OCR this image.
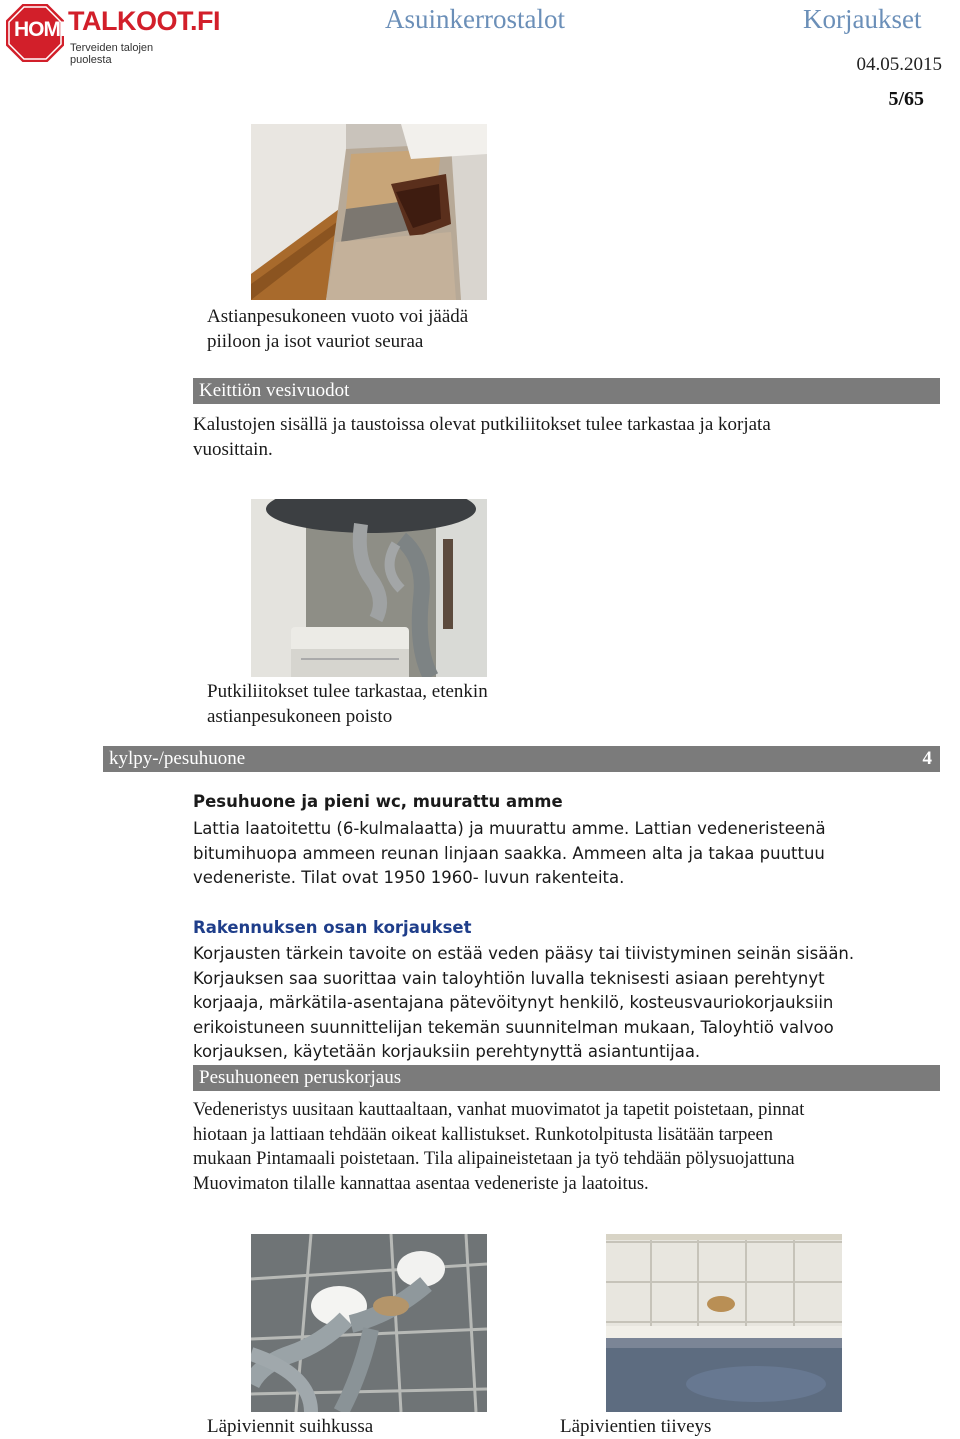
HOME
TALKOOT.FI
Terveiden talojen puolesta
Asuinkerrostalot	Korjaukset
04.05.2015
5/65
Astianpesukoneen vuoto voi jäädä
piiloon ja isot vauriot seuraa
Keittiön vesivuodot
Kalustojen sisällä ja taustoissa olevat putkiliitokset tulee tarkastaa ja korjata
vuosittain.
Putkiliitokset tulee tarkastaa, etenkin
astianpesukoneen poisto
kylpy-/pesuhuone	4
Pesuhuone ja pieni wc, muurattu amme
Lattia laatoitettu (6-kulmalaatta) ja muurattu amme. Lattian vedeneristeenä
bitumihuopa ammeen reunan linjaan saakka. Ammeen alta ja takaa puuttuu
vedeneriste. Tilat ovat 1950 1960- luvun rakenteita.
Rakennuksen osan korjaukset
Korjausten tärkein tavoite on estää veden pääsy tai tiivistyminen seinän sisään.
Korjauksen saa suorittaa vain taloyhtiön luvalla teknisesti asiaan perehtynyt
korjaaja, märkätila-asentajana pätevöitynyt henkilö, kosteusvauriokorjauksiin
erikoistuneen suunnittelijan tekemän suunnitelman mukaan, Taloyhtiö valvoo
korjauksen, käytetään korjauksiin perehtynyttä asiantuntijaa.
Pesuhuoneen peruskorjaus
Vedeneristys uusitaan kauttaaltaan, vanhat muovimatot ja tapetit poistetaan, pinnat
hiotaan ja lattiaan tehdään oikeat kallistukset. Runkotolpitusta lisätään tarpeen
mukaan Pintamaali poistetaan. Tila alipaineistetaan ja työ tehdään pölysuojattuna
Muovimaton tilalle kannattaa asentaa vedeneriste ja laatoitus.
Läpiviennit suihkussa	Läpivientien tiiveys
